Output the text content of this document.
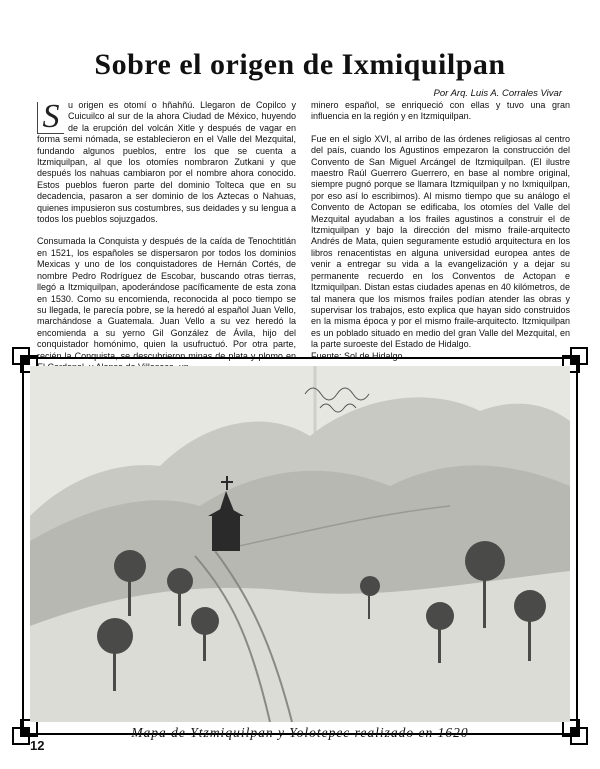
Sobre el origen de Ixmiquilpan
Por Arq. Luis A. Corrales Vivar

S u origen es otomí o hñahñú. Llegaron de Copilco y Cuicuilco al sur de la ahora Ciudad de México, huyendo de la erupción del volcán Xitle y después de vagar en forma semi nómada, se establecieron en el Valle del Mezquital, fundando algunos pueblos, entre los que se cuenta a Itzmiquilpan, al que los otomíes nombraron Zutkani y que después los nahuas cambiaron por el nombre ahora conocido. Estos pueblos fueron parte del dominio Tolteca que en su decadencia, pasaron a ser dominio de los Aztecas o Nahuas, quienes impusieron sus costumbres, sus deidades y su lengua a todos los pueblos sojuzgados.

Consumada la Conquista y después de la caída de Tenochtitlán en 1521, los españoles se dispersaron por todos los dominios Mexicas y uno de los conquistadores de Hernán Cortés, de nombre Pedro Rodríguez de Escobar, buscando otras tierras, llegó a Itzmiquilpan, apoderándose pacíficamente de esta zona en 1530. Como su encomienda, reconocida al poco tiempo se su llegada, le parecía pobre, se la heredó al español Juan Vello, marchándose a Guatemala. Juan Vello a su vez heredó la encomienda a su yerno Gil González de Ávila, hijo del conquistador homónimo, quien la usufructuó. Por otra parte, recién la Conquista, se descubrieron minas de plata y plomo en

minero español, se enriqueció con ellas y tuvo una gran influencia en la región y en Itzmiquilpan.

Fue en el siglo XVI, al arribo de las órdenes religiosas al centro del país, cuando los Agustinos empezaron la construcción del Convento de San Miguel Arcángel de Itzmiquilpan. (El ilustre maestro Raúl Guerrero Guerrero, en base al nombre original, siempre pugnó porque se llamara Itzmiquilpan y no Ixmiquilpan, por eso así lo escribimos). Al mismo tiempo que su análogo el Convento de Actopan se edificaba, los otomíes del Valle del Mezquital ayudaban a los frailes agustinos a construir el de Itzmiquilpan y bajo la dirección del mismo fraile-arquitecto Andrés de Mata, quien seguramente estudió arquitectura en los libros renacentistas en alguna universidad europea antes de venir a entregar su vida a la evangelización y a dejar su permanente recuerdo en los Conventos de Actopan e Itzmiquilpan. Distan estas ciudades apenas en 40 kilómetros, de tal manera que los mismos frailes podían atender las obras y supervisar los trabajos, esto explica que hayan sido construidos en la misma época y por el mismo fraile-arquitecto. Itzmiquilpan es un poblado situado en medio del gran Valle del Mezquital, en la parte suroeste del Estado de Hidalgo.

Fuente: Sol de Hidalgo
Mapa de Ytzmiquilpan y Yolotepec realizado en 1620
12
